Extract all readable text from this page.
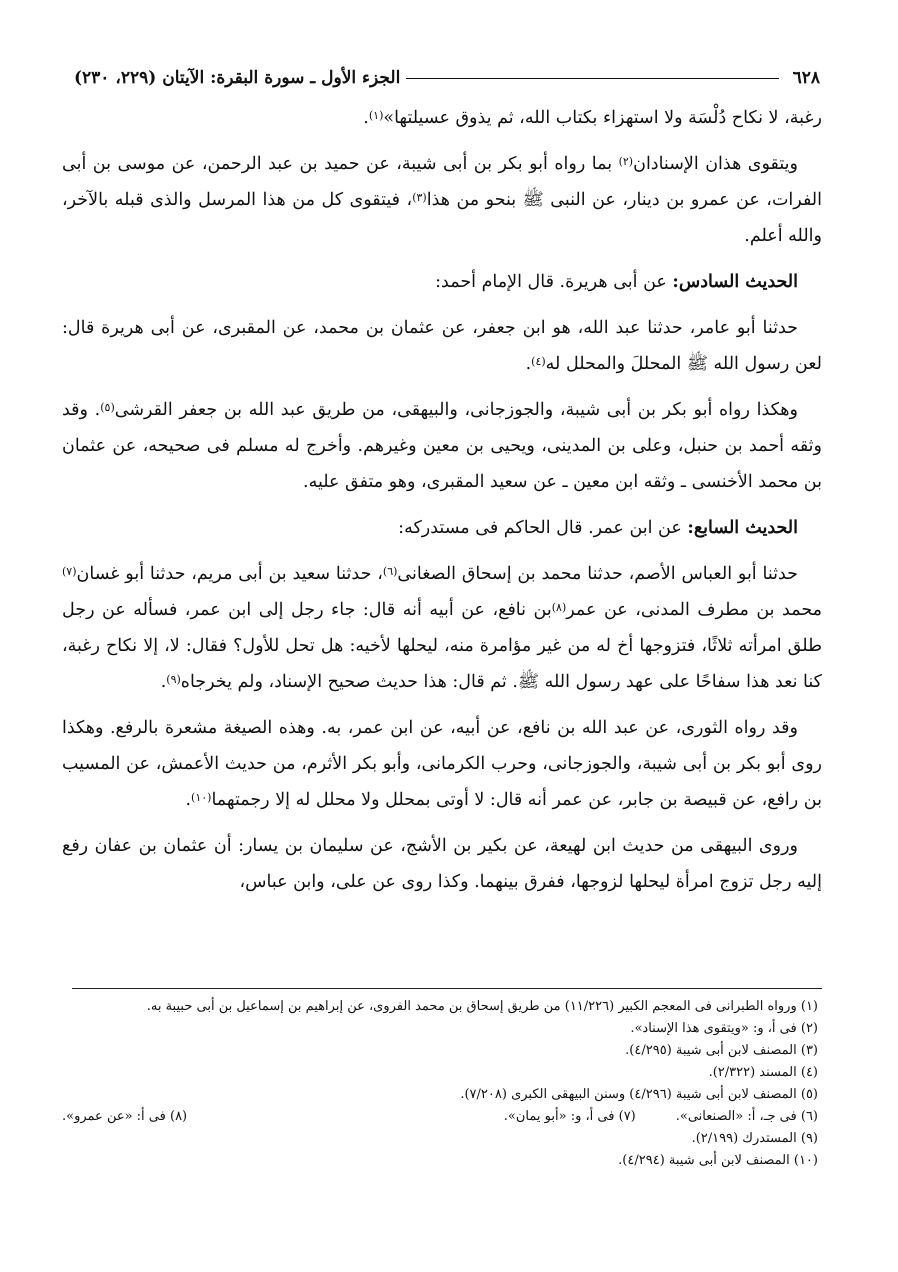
٦٢٨
الجزء الأول ـ سورة البقرة: الآيتان (٢٢٩، ٢٣٠)

رغبة، لا نكاح دُلْسَة ولا استهزاء بكتاب الله، ثم يذوق عسيلتها»$^{(١)}$.

ويتقوى هذان الإسنادان$^{(٢)}$ بما رواه أبو بكر بن أبى شيبة، عن حميد بن عبد الرحمن، عن موسى بن أبى الفرات، عن عمرو بن دينار، عن النبى ﷺ بنحو من هذا$^{(٣)}$، فيتقوى كل من هذا المرسل والذى قبله بالآخر، والله أعلم.

الحديث السادس: عن أبى هريرة. قال الإمام أحمد:

حدثنا أبو عامر، حدثنا عبد الله، هو ابن جعفر، عن عثمان بن محمد، عن المقبرى، عن أبى هريرة قال: لعن رسول الله ﷺ المحللَ والمحلل له$^{(٤)}$.

وهكذا رواه أبو بكر بن أبى شيبة، والجوزجانى، والبيهقى، من طريق عبد الله بن جعفر القرشى$^{(٥)}$. وقد وثقه أحمد بن حنبل، وعلى بن المدينى، ويحيى بن معين وغيرهم. وأخرج له مسلم فى صحيحه، عن عثمان بن محمد الأخنسى ـ وثقه ابن معين ـ عن سعيد المقبرى، وهو متفق عليه.

الحديث السابع: عن ابن عمر. قال الحاكم فى مستدركه:

حدثنا أبو العباس الأصم، حدثنا محمد بن إسحاق الصغانى$^{(٦)}$، حدثنا سعيد بن أبى مريم، حدثنا أبو غسان$^{(٧)}$ محمد بن مطرف المدنى، عن عمر$^{(٨)}$بن نافع، عن أبيه أنه قال: جاء رجل إلى ابن عمر، فسأله عن رجل طلق امرأته ثلاثًا، فتزوجها أخ له من غير مؤامرة منه، ليحلها لأخيه: هل تحل للأول؟ فقال: لا، إلا نكاح رغبة، كنا نعد هذا سفاحًا على عهد رسول الله ﷺ. ثم قال: هذا حديث صحيح الإسناد، ولم يخرجاه$^{(٩)}$.

وقد رواه الثورى، عن عبد الله بن نافع، عن أبيه، عن ابن عمر، به. وهذه الصيغة مشعرة بالرفع. وهكذا روى أبو بكر بن أبى شيبة، والجوزجانى، وحرب الكرمانى، وأبو بكر الأثرم، من حديث الأعمش، عن المسيب بن رافع، عن قبيصة بن جابر، عن عمر أنه قال: لا أوتى بمحلل ولا محلل له إلا رجمتهما$^{(١٠)}$.

وروى البيهقى من حديث ابن لهيعة، عن بكير بن الأشج، عن سليمان بن يسار: أن عثمان بن عفان رفع إليه رجل تزوج امرأة ليحلها لزوجها، ففرق بينهما. وكذا روى عن على، وابن عباس،

(١) ورواه الطبرانى فى المعجم الكبير (١١/٢٢٦) من طريق إسحاق بن محمد الفروى، عن إبراهيم بن إسماعيل بن أبى حبيبة به.
(٢) فى أ، و: «ويتقوى هذا الإسناد».
(٣) المصنف لابن أبى شيبة (٤/٢٩٥).
(٤) المسند (٢/٣٢٢).
(٥) المصنف لابن أبى شيبة (٤/٢٩٦) وسنن البيهقى الكبرى (٧/٢٠٨).
(٦) فى جـ، أ: «الصنعانى».
(٧) فى أ، و: «أبو يمان».
(٨) فى أ: «عن عمرو».
(٩) المستدرك (٢/١٩٩).
(١٠) المصنف لابن أبى شيبة (٤/٢٩٤).
